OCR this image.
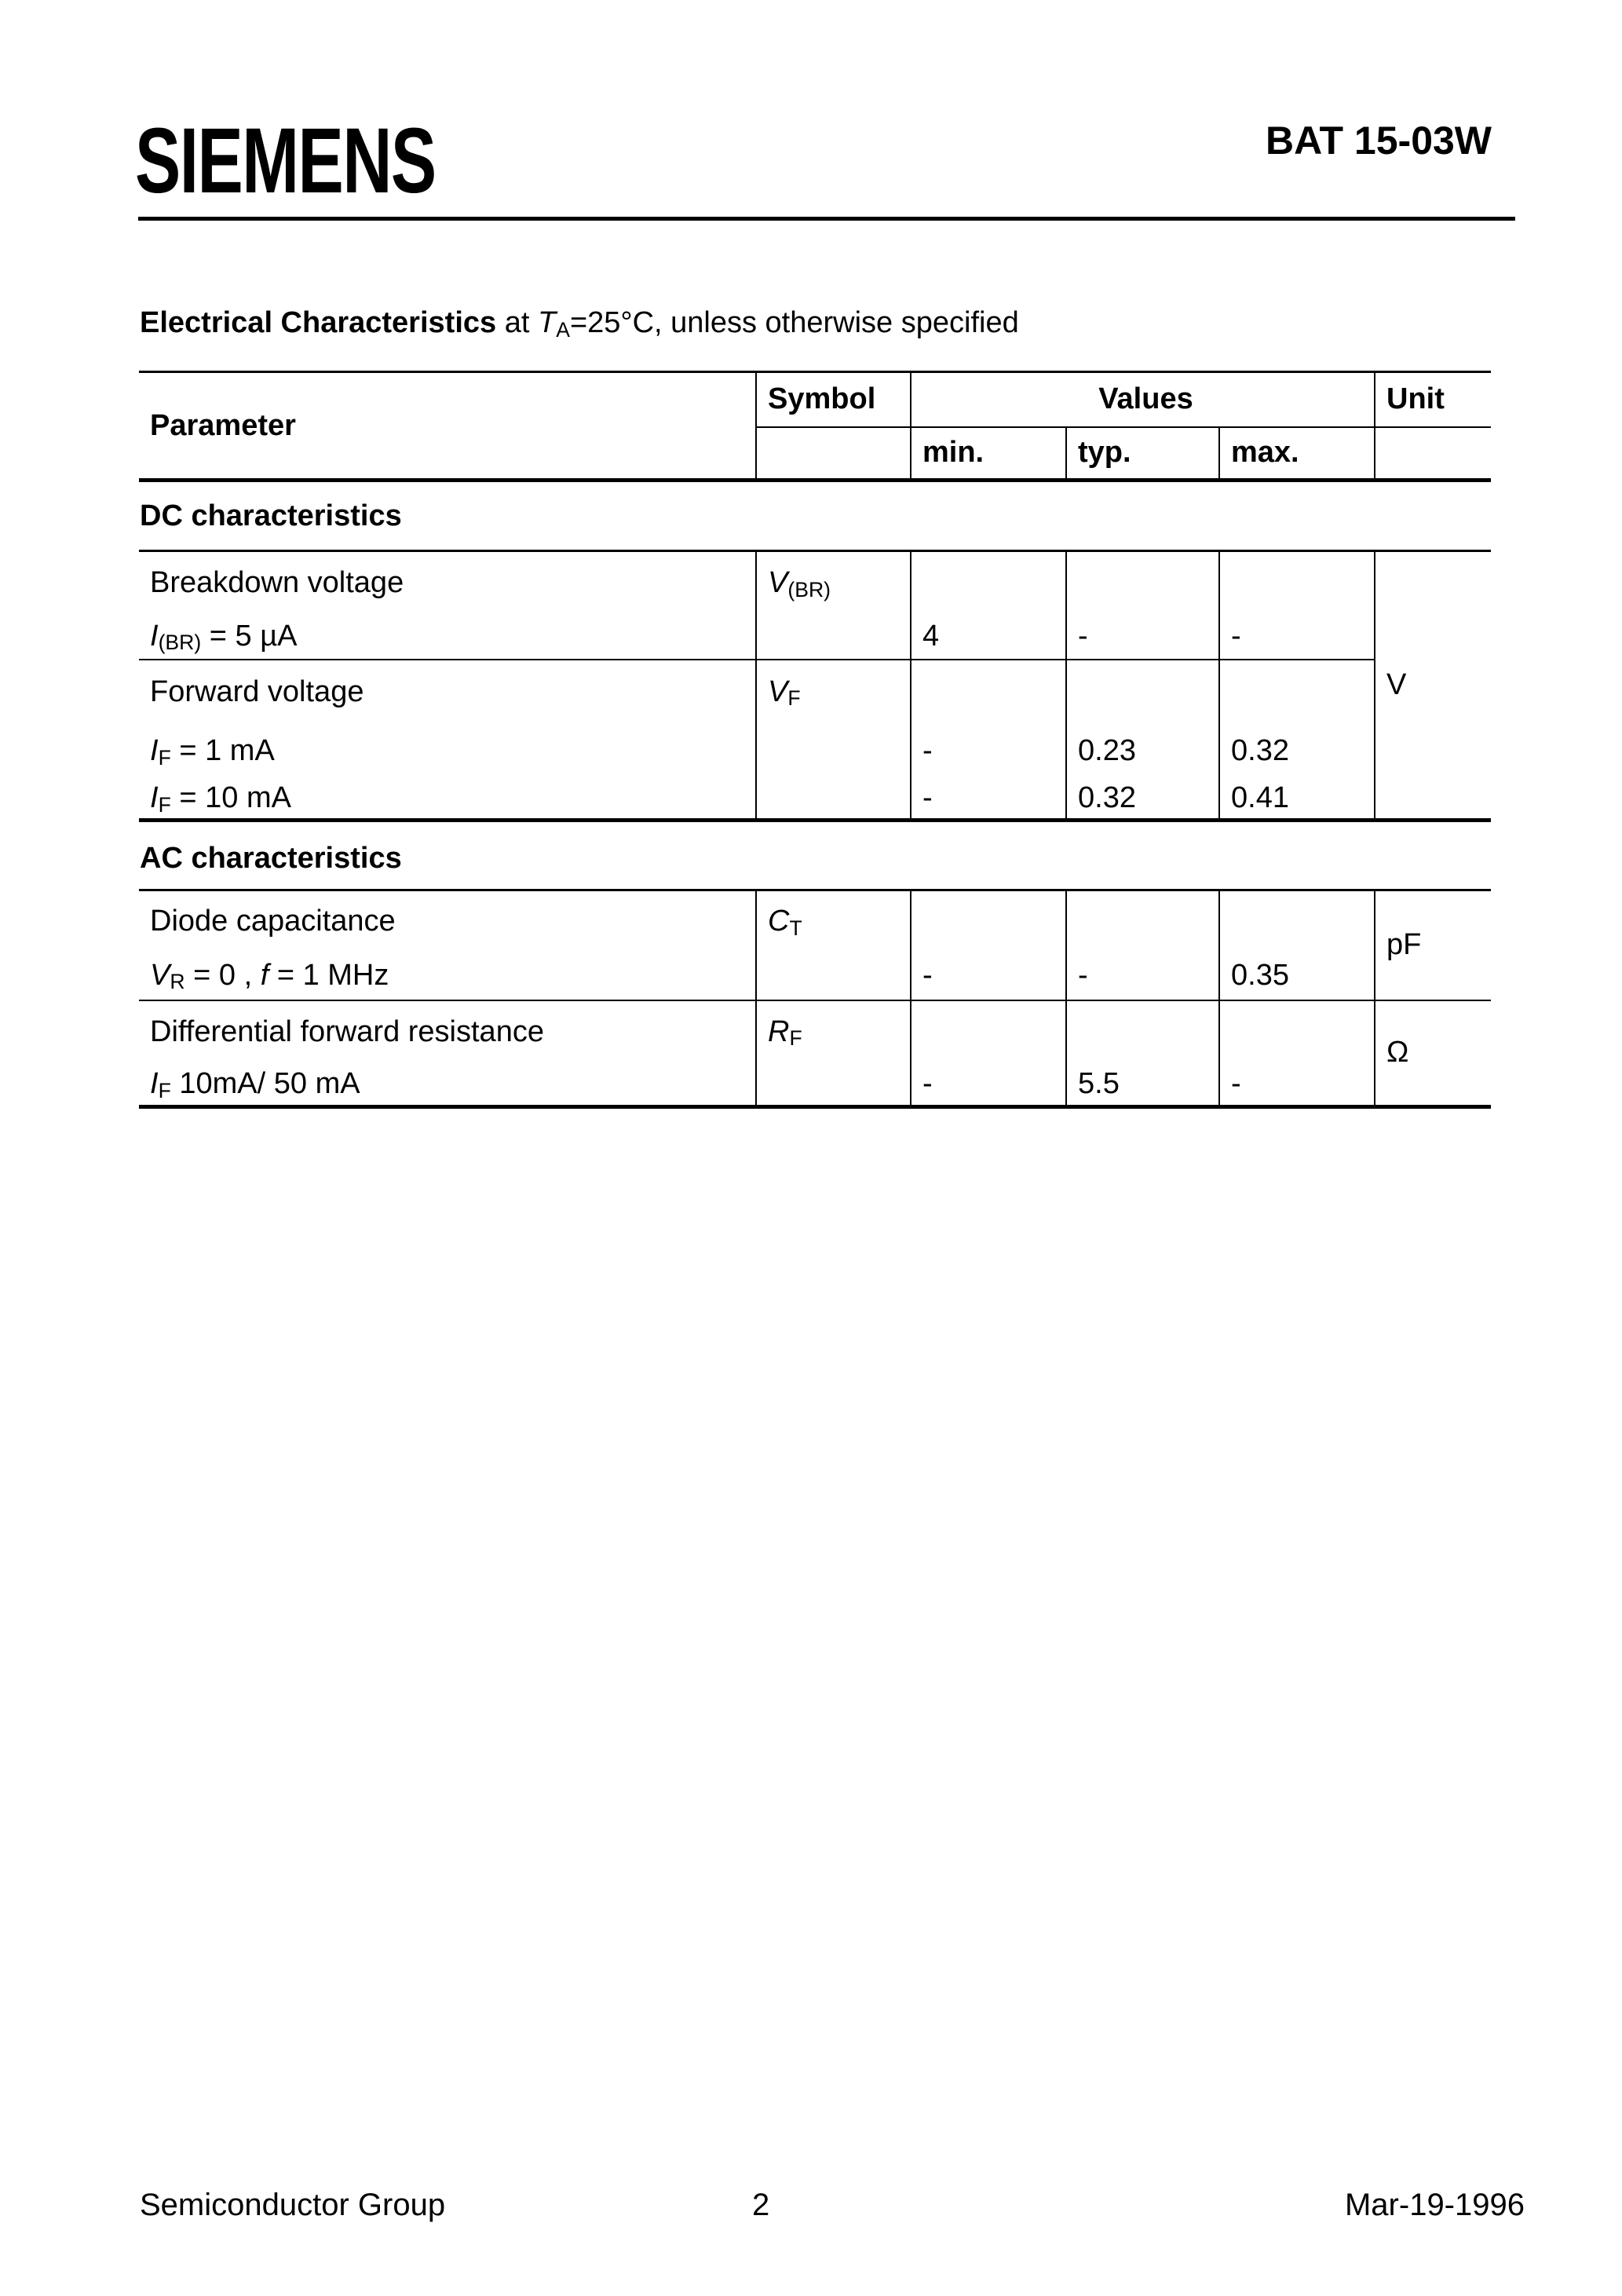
SIEMENS	BAT 15-03W
Electrical Characteristics at $T_A=25^\circ C$, unless otherwise specified
Parameter	Symbol	Values			Unit
		min.	typ.	max.	
DC characteristics
Breakdown voltage	$V_{(BR)}$				V
$I_{(BR)} = 5$ µA		4	-	-	
Forward voltage	$V_F$			
$I_F = 1$ mA		-	0.23	0.32	
$I_F = 10$ mA		-	0.32	0.41	
AC characteristics
Diode capacitance	$C_T$				pF
$V_R = 0$ , f = 1 MHz		-	-	0.35	
Differential forward resistance	$R_F$				Ω
$I_F$ 10mA/ 50 mA		-	5.5	-	
Semiconductor Group	2	Mar-19-1996
